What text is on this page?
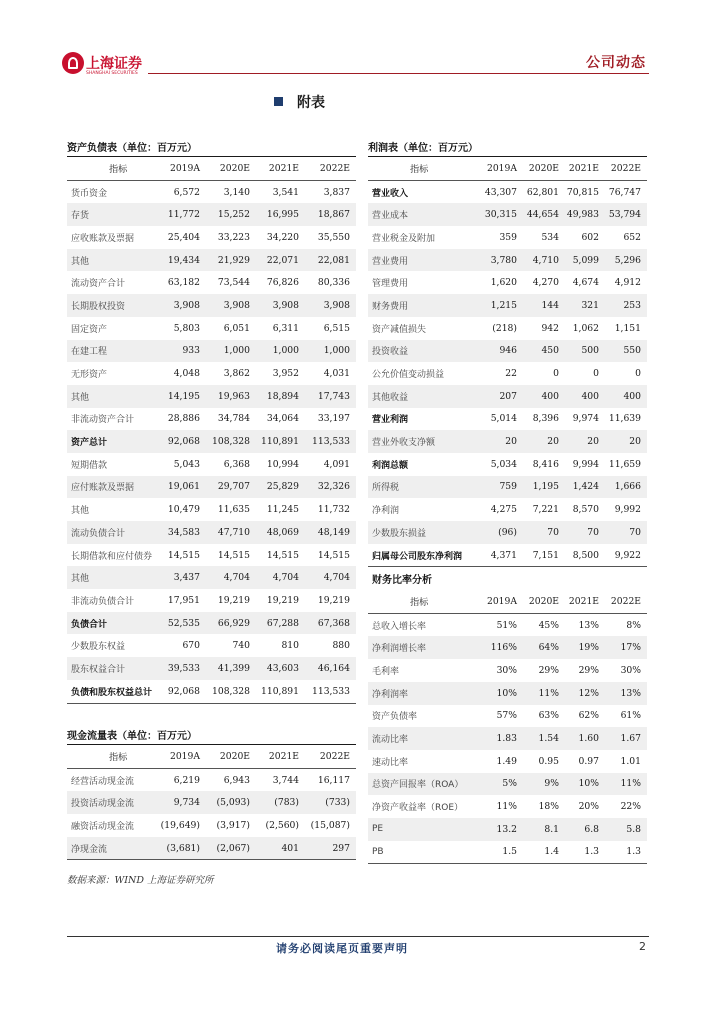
上海证券
SHANGHAI SECURITIES
公司动态
附表
资产负债表（单位：百万元）
指标	2019A	2020E	2021E	2022E
货币资金	6,572	3,140	3,541	3,837
存货	11,772	15,252	16,995	18,867
应收账款及票据	25,404	33,223	34,220	35,550
其他	19,434	21,929	22,071	22,081
流动资产合计	63,182	73,544	76,826	80,336
长期股权投资	3,908	3,908	3,908	3,908
固定资产	5,803	6,051	6,311	6,515
在建工程	933	1,000	1,000	1,000
无形资产	4,048	3,862	3,952	4,031
其他	14,195	19,963	18,894	17,743
非流动资产合计	28,886	34,784	34,064	33,197
资产总计	92,068	108,328	110,891	113,533
短期借款	5,043	6,368	10,994	4,091
应付账款及票据	19,061	29,707	25,829	32,326
其他	10,479	11,635	11,245	11,732
流动负债合计	34,583	47,710	48,069	48,149
长期借款和应付债券	14,515	14,515	14,515	14,515
其他	3,437	4,704	4,704	4,704
非流动负债合计	17,951	19,219	19,219	19,219
负债合计	52,535	66,929	67,288	67,368
少数股东权益	670	740	810	880
股东权益合计	39,533	41,399	43,603	46,164
负债和股东权益总计	92,068	108,328	110,891	113,533
现金流量表（单位：百万元）
指标	2019A	2020E	2021E	2022E
经营活动现金流	6,219	6,943	3,744	16,117
投资活动现金流	9,734	(5,093)	(783)	(733)
融资活动现金流	(19,649)	(3,917)	(2,560)	(15,087)
净现金流	(3,681)	(2,067)	401	297
利润表（单位：百万元）
指标	2019A	2020E	2021E	2022E
营业收入	43,307	62,801	70,815	76,747
营业成本	30,315	44,654	49,983	53,794
营业税金及附加	359	534	602	652
营业费用	3,780	4,710	5,099	5,296
管理费用	1,620	4,270	4,674	4,912
财务费用	1,215	144	321	253
资产减值损失	(218)	942	1,062	1,151
投资收益	946	450	500	550
公允价值变动损益	22	0	0	0
其他收益	207	400	400	400
营业利润	5,014	8,396	9,974	11,639
营业外收支净额	20	20	20	20
利润总额	5,034	8,416	9,994	11,659
所得税	759	1,195	1,424	1,666
净利润	4,275	7,221	8,570	9,992
少数股东损益	(96)	70	70	70
归属母公司股东净利润	4,371	7,151	8,500	9,922
财务比率分析				
指标	2019A	2020E	2021E	2022E
总收入增长率	51%	45%	13%	8%
净利润增长率	116%	64%	19%	17%
毛利率	30%	29%	29%	30%
净利润率	10%	11%	12%	13%
资产负债率	57%	63%	62%	61%
流动比率	1.83	1.54	1.60	1.67
速动比率	1.49	0.95	0.97	1.01
总资产回报率（ROA）	5%	9%	10%	11%
净资产收益率（ROE）	11%	18%	20%	22%
PE	13.2	8.1	6.8	5.8
PB	1.5	1.4	1.3	1.3
数据来源：WIND 上海证券研究所
请务必阅读尾页重要声明	2
